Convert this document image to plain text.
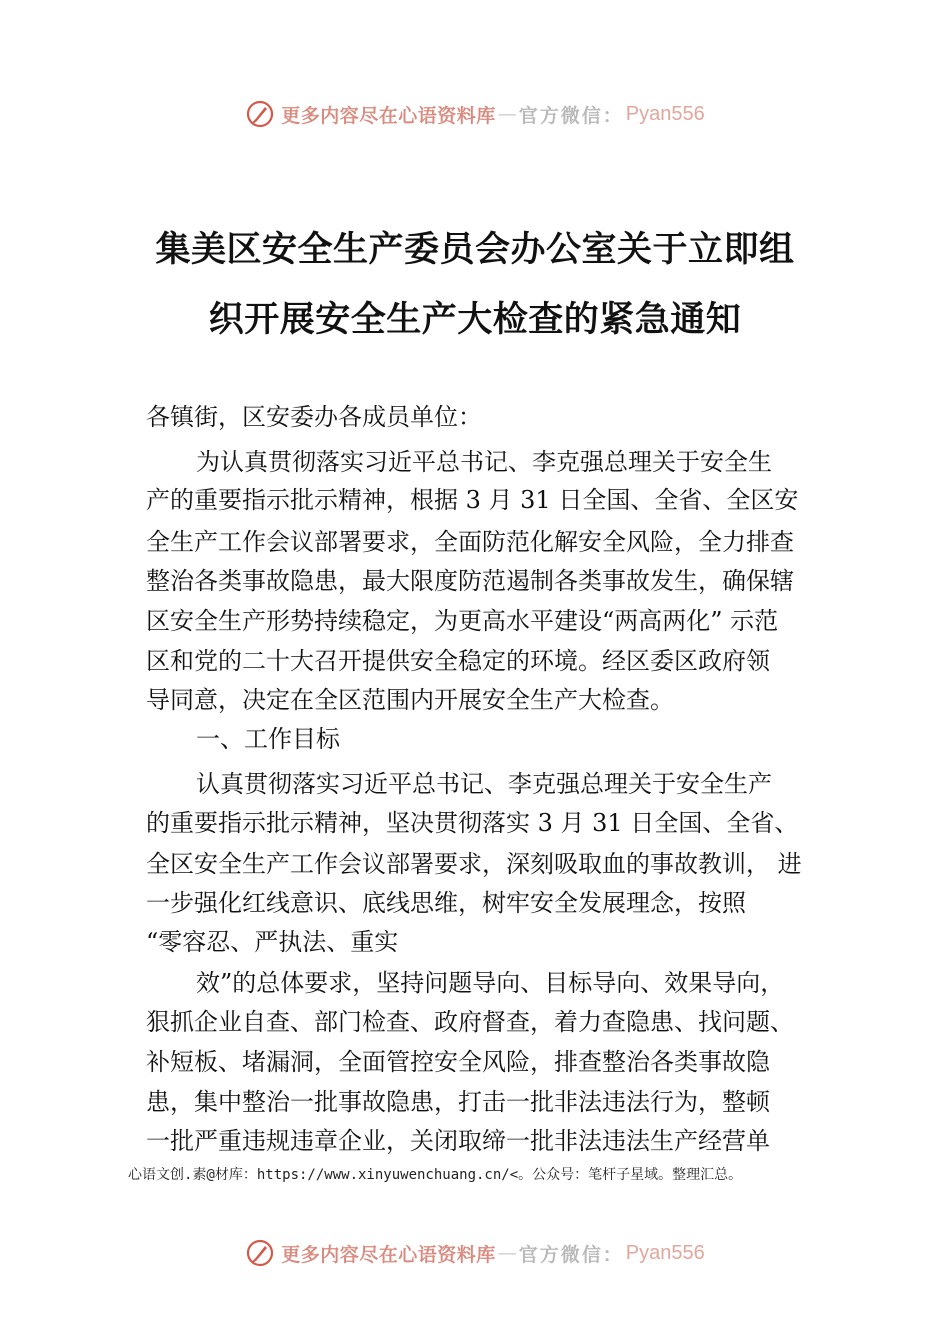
更多内容尽在心语资料库 — 官方微信： Pyan556
集美区安全生产委员会办公室关于立即组
织开展安全生产大检查的紧急通知
各镇街，区安委办各成员单位：
为认真贯彻落实习近平总书记、李克强总理关于安全生
产的重要指示批示精神，根据 3 月 31 日全国、全省、全区安
全生产工作会议部署要求，全面防范化解安全风险，全力排查
整治各类事故隐患，最大限度防范遏制各类事故发生，确保辖
区安全生产形势持续稳定，为更高水平建设“两高两化” 示范
区和党的二十大召开提供安全稳定的环境。经区委区政府领
导同意，决定在全区范围内开展安全生产大检查。
一、工作目标
认真贯彻落实习近平总书记、李克强总理关于安全生产
的重要指示批示精神，坚决贯彻落实 3 月 31 日全国、全省、
全区安全生产工作会议部署要求，深刻吸取血的事故教训， 进
一步强化红线意识、底线思维，树牢安全发展理念，按照
“零容忍、严执法、重实
效”的总体要求，坚持问题导向、目标导向、效果导向，
狠抓企业自查、部门检查、政府督查，着力查隐患、找问题、
补短板、堵漏洞，全面管控安全风险，排查整治各类事故隐
患，集中整治一批事故隐患，打击一批非法违法行为，整顿
一批严重违规违章企业，关闭取缔一批非法违法生产经营单
心语文创.素@材库：https://www.xinyuwenchuang.cn/<。公众号：笔杆子星域。整理汇总。
更多内容尽在心语资料库 — 官方微信： Pyan556
